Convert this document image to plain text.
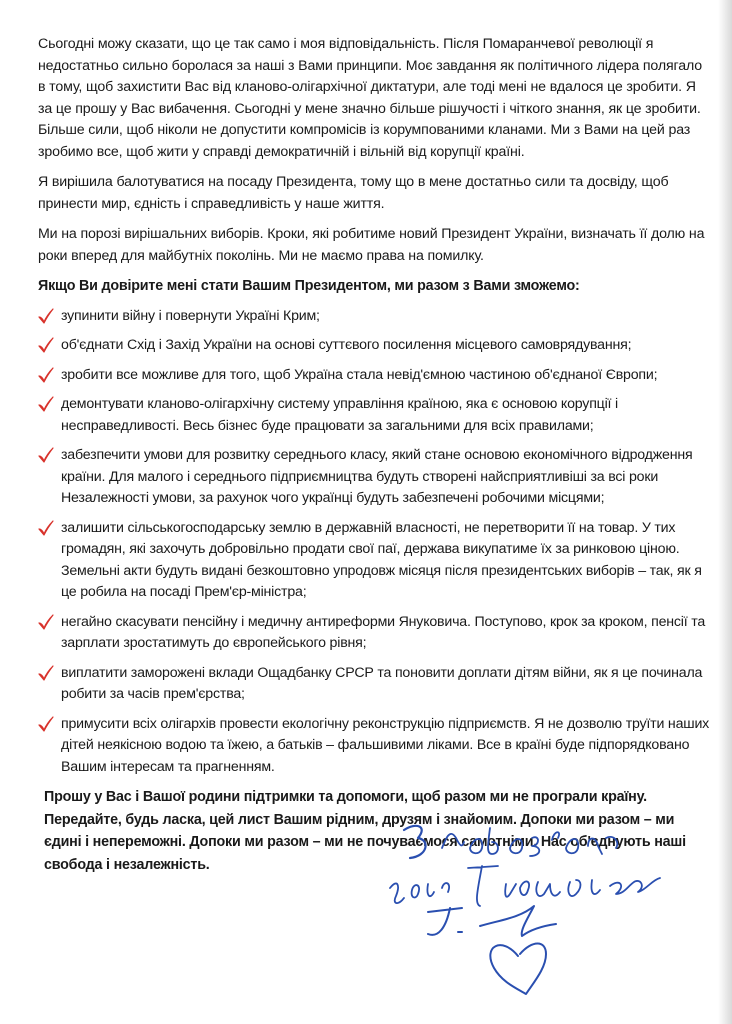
Сьогодні можу сказати, що це так само і моя відповідальність. Після Помаранчевої революції я недостатньо сильно боролася за наші з Вами принципи. Моє завдання як політичного лідера полягало в тому, щоб захистити Вас від кланово-олігархічної диктатури, але тоді мені не вдалося це зробити. Я за це прошу у Вас вибачення. Сьогодні у мене значно більше рішучості і чіткого знання, як це зробити. Більше сили, щоб ніколи не допустити компромісів із корумпованими кланами. Ми з Вами на цей раз зробимо все, щоб жити у справді демократичній і вільній від корупції країні.

Я вирішила балотуватися на посаду Президента, тому що в мене достатньо сили та досвіду, щоб принести мир, єдність і справедливість у наше життя.

Ми на порозі вирішальних виборів. Кроки, які робитиме новий Президент України, визначать її долю на роки вперед для майбутніх поколінь. Ми не маємо права на помилку.

Якщо Ви довірите мені стати Вашим Президентом, ми разом з Вами зможемо:

зупинити війну і повернути Україні Крим;
об'єднати Схід і Захід України на основі суттєвого посилення місцевого самоврядування;
зробити все можливе для того, щоб Україна стала невід'ємною частиною об'єднаної Європи;
демонтувати кланово-олігархічну систему управління країною, яка є основою корупції і несправедливості. Весь бізнес буде працювати за загальними для всіх правилами;
забезпечити умови для розвитку середнього класу, який стане основою економічного відродження країни. Для малого і середнього підприємництва будуть створені найсприятливіші за всі роки Незалежності умови, за рахунок чого українці будуть забезпечені робочими місцями;
залишити сільськогосподарську землю в державній власності, не перетворити її на товар. У тих громадян, які захочуть добровільно продати свої паї, держава викупатиме їх за ринковою ціною. Земельні акти будуть видані безкоштовно упродовж місяця після президентських виборів – так, як я це робила на посаді Прем'єр-міністра;
негайно скасувати пенсійну і медичну антиреформи Януковича. Поступово, крок за кроком, пенсії та зарплати зростатимуть до європейського рівня;
виплатити заморожені вклади Ощадбанку СРСР та поновити доплати дітям війни, як я це починала робити за часів прем'єрства;
примусити всіх олігархів провести екологічну реконструкцію підприємств. Я не дозволю труїти наших дітей неякісною водою та їжею, а батьків – фальшивими ліками. Все в країні буде підпорядковано Вашим інтересам та прагненням.

Прошу у Вас і Вашої родини підтримки та допомоги, щоб разом ми не програли країну. Передайте, будь ласка, цей лист Вашим рідним, друзям і знайомим. Допоки ми разом – ми єдині і непереможні. Допоки ми разом – ми не почуваємося самотніми. Нас об'єднують наші свобода і незалежність.
